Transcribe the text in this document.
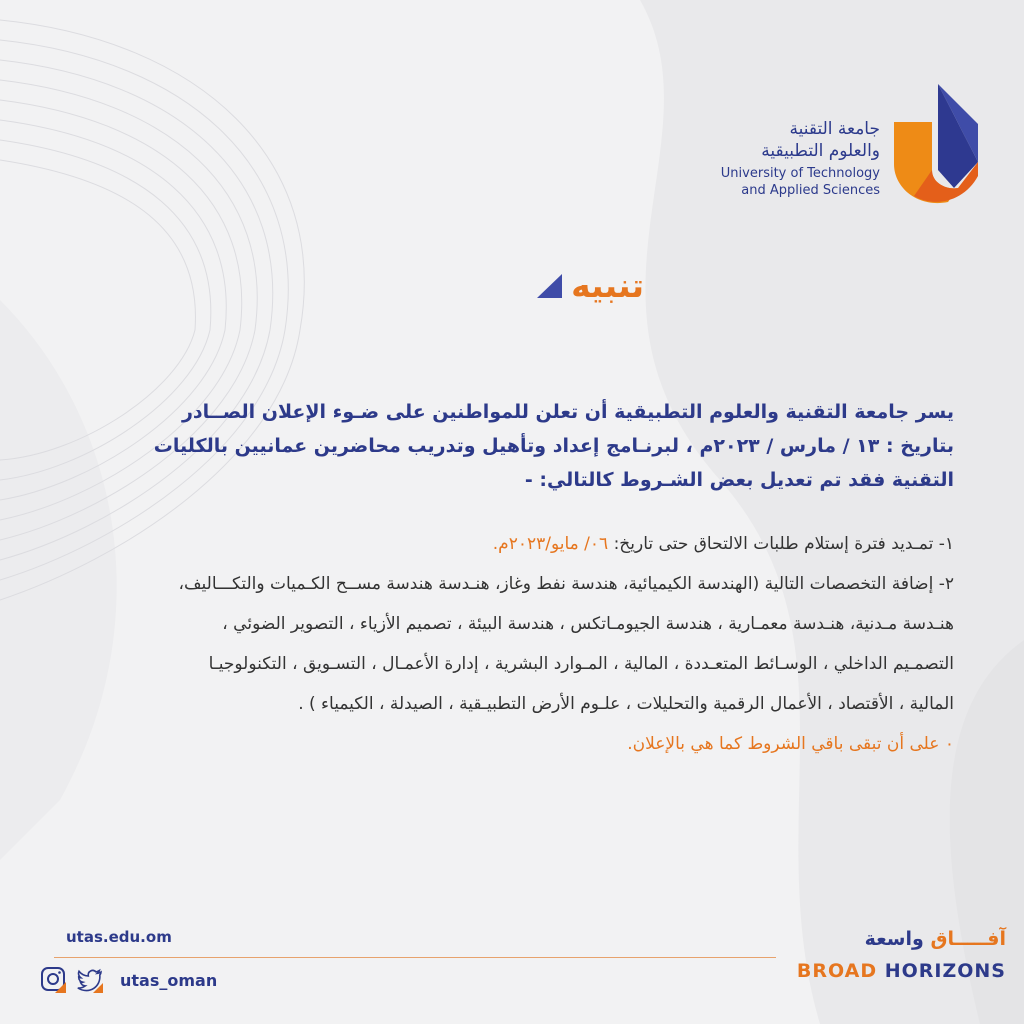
جامعة التقنية
والعلوم التطبيقية
University of Technology
and Applied Sciences
تنبيه
يسر جامعة التقنية والعلوم التطبيقية أن تعلن للمواطنين على ضـوء الإعلان الصــادر
بتاريخ : ١٣ / مارس / ٢٠٢٣م ، لبرنـامج إعداد وتأهيل وتدريب محاضرين عمانيين بالكليات
التقنية فقد تم تعديل بعض الشـروط كالتالي: -
١- تمـديد فترة إستلام طلبات الالتحاق حتى تاريخ: ٠٦/ مايو/٢٠٢٣م.
٢- إضافة التخصصات التالية (الهندسة الكيميائية، هندسة نفط وغاز، هنـدسة هندسة مســح الكـميات والتكـــاليف،
هنـدسة مـدنية، هنـدسة معمـارية ، هندسة الجيومـاتكس ، هندسة البيئة ، تصميم الأزياء ، التصوير الضوئي ،
التصمـيم الداخلي ، الوسـائط المتعـددة ، المالية ، المـوارد البشرية ، إدارة الأعمـال ، التسـويق ، التكنولوجيـا
المالية ، الأقتصاد ، الأعمال الرقمية والتحليلات ، علـوم الأرض التطبيـقية ، الصيدلة ، الكيمياء ) .
٠ على أن تبقى باقي الشروط كما هي بالإعلان.
utas.edu.om
utas_oman
آفـــــاق واسعة
BROAD HORIZONS
